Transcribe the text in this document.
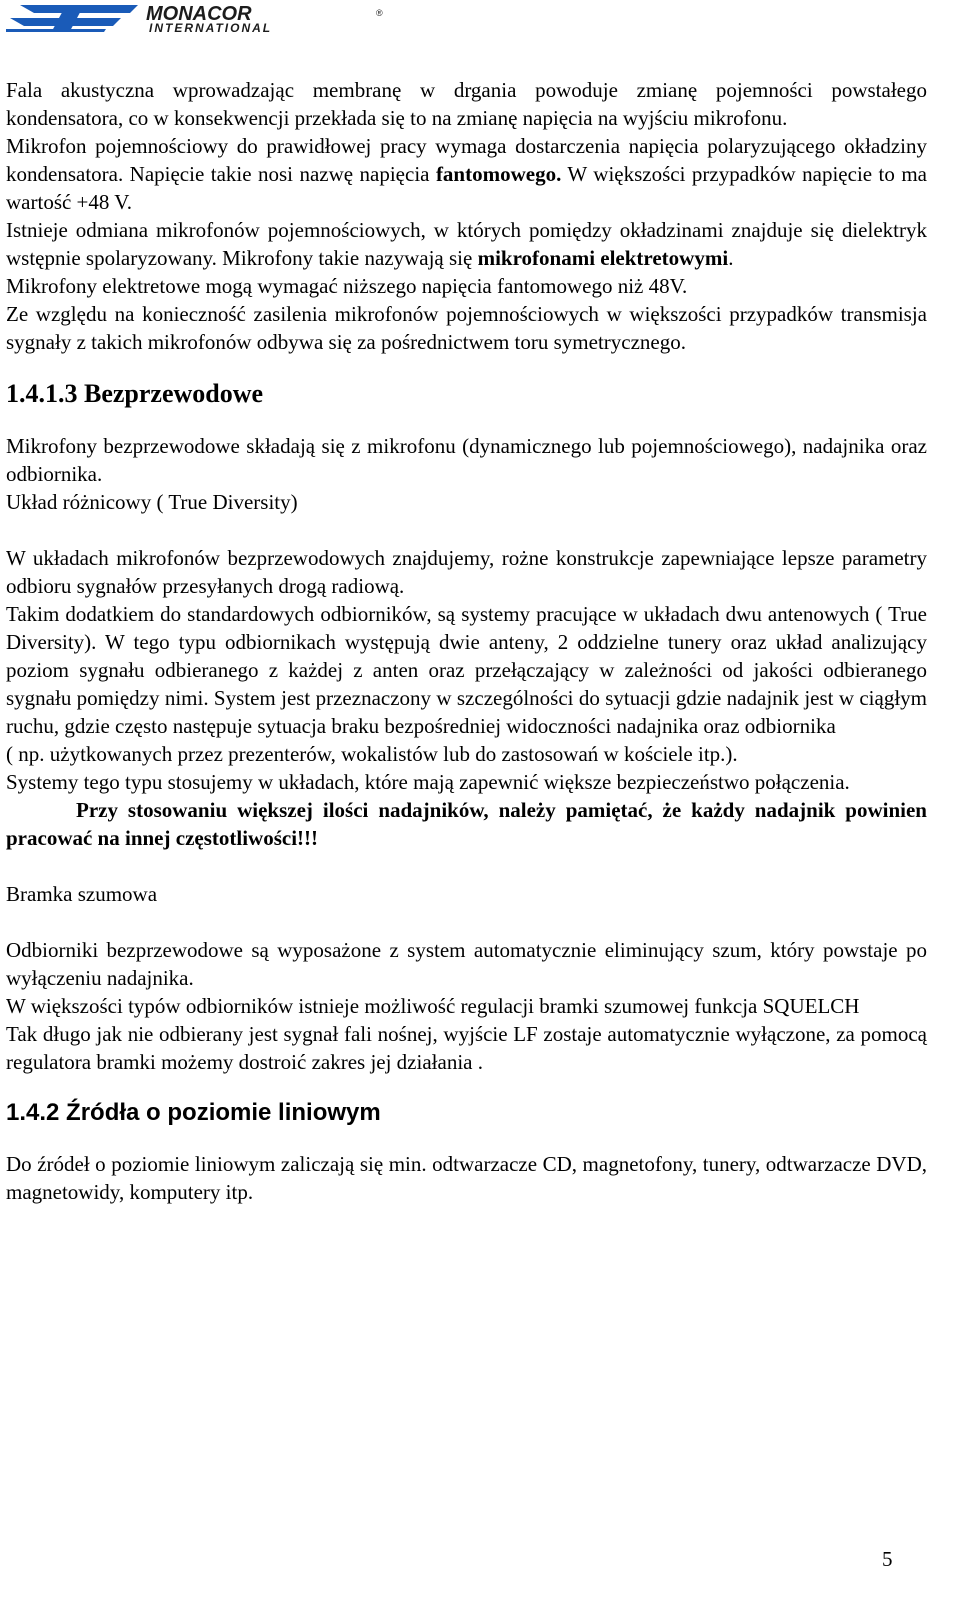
MONACOR
INTERNATIONAL
®

Fala akustyczna wprowadzając membranę w drgania powoduje zmianę pojemności powstałego kondensatora, co w konsekwencji przekłada się to na zmianę napięcia na wyjściu mikrofonu.

Mikrofon pojemnościowy do prawidłowej pracy wymaga dostarczenia napięcia polaryzującego okładziny kondensatora. Napięcie takie nosi nazwę napięcia fantomowego. W większości przypadków napięcie to ma wartość +48 V.

Istnieje odmiana mikrofonów pojemnościowych, w których pomiędzy okładzinami znajduje się dielektryk wstępnie spolaryzowany. Mikrofony takie nazywają się mikrofonami elektretowymi.

Mikrofony elektretowe mogą wymagać niższego napięcia fantomowego niż 48V.

Ze względu na konieczność zasilenia mikrofonów pojemnościowych w większości przypadków transmisja sygnały z takich mikrofonów odbywa się za pośrednictwem toru symetrycznego.

1.4.1.3 Bezprzewodowe

Mikrofony bezprzewodowe składają się z mikrofonu (dynamicznego lub pojemnościowego), nadajnika oraz odbiornika.

Układ różnicowy ( True Diversity)

W układach mikrofonów bezprzewodowych znajdujemy, rożne konstrukcje zapewniające lepsze parametry odbioru sygnałów przesyłanych drogą radiową.

Takim dodatkiem do standardowych odbiorników, są systemy pracujące w układach dwu antenowych ( True Diversity). W tego typu odbiornikach występują dwie anteny, 2 oddzielne tunery oraz układ analizujący poziom sygnału odbieranego z każdej z anten oraz przełączający w zależności od jakości odbieranego sygnału pomiędzy nimi. System jest przeznaczony w szczególności do sytuacji gdzie nadajnik jest w ciągłym ruchu, gdzie często następuje sytuacja braku bezpośredniej widoczności nadajnika oraz odbiornika

( np. użytkowanych przez prezenterów, wokalistów lub do zastosowań w kościele itp.).

Systemy tego typu stosujemy w układach, które mają zapewnić większe bezpieczeństwo połączenia.

Przy stosowaniu większej ilości nadajników, należy pamiętać, że każdy nadajnik powinien pracować na innej częstotliwości!!!

Bramka szumowa

Odbiorniki bezprzewodowe są wyposażone z system automatycznie eliminujący szum, który powstaje po wyłączeniu nadajnika.

W większości typów odbiorników istnieje możliwość regulacji bramki szumowej funkcja SQUELCH

Tak długo jak nie odbierany jest sygnał fali nośnej, wyjście LF zostaje automatycznie wyłączone, za pomocą regulatora bramki możemy dostroić zakres jej działania .

1.4.2 Źródła o poziomie liniowym

Do źródeł o poziomie liniowym zaliczają się min. odtwarzacze CD, magnetofony, tunery, odtwarzacze DVD, magnetowidy, komputery itp.

5
